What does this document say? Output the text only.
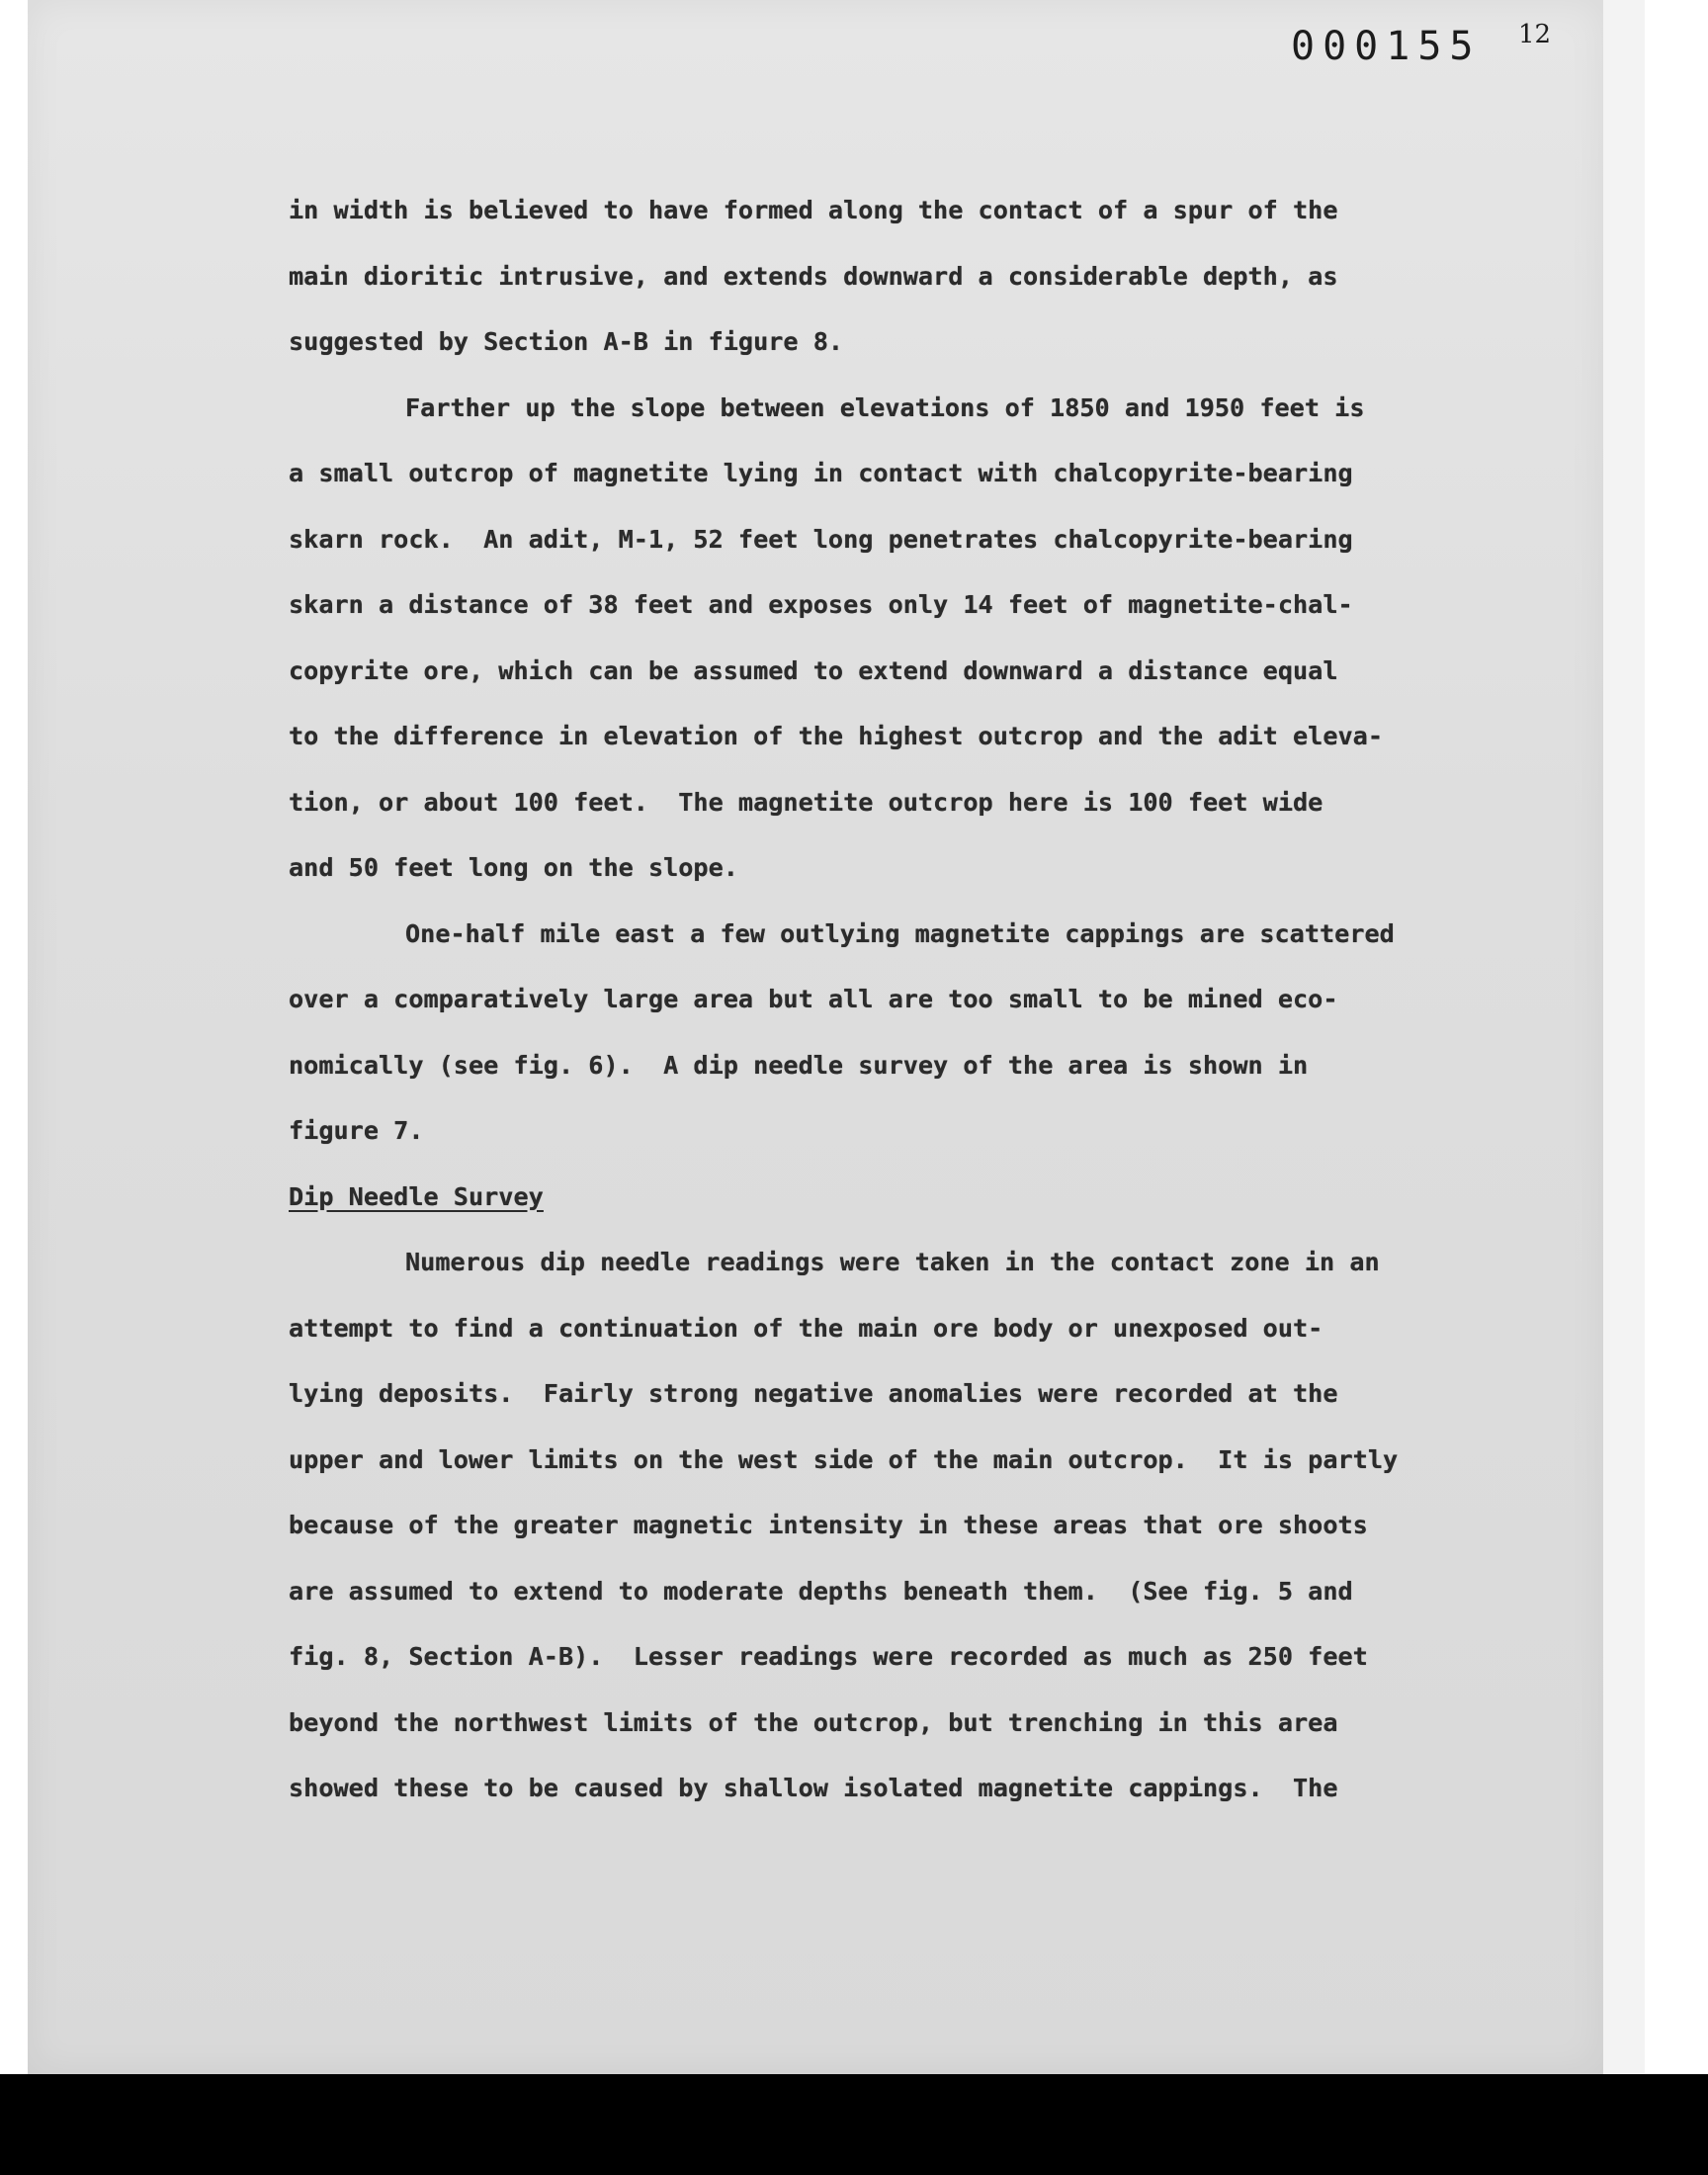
000155 12
in width is believed to have formed along the contact of a spur of the
main dioritic intrusive, and extends downward a considerable depth, as
suggested by Section A-B in figure 8.
Farther up the slope between elevations of 1850 and 1950 feet is
a small outcrop of magnetite lying in contact with chalcopyrite-bearing
skarn rock.  An adit, M-1, 52 feet long penetrates chalcopyrite-bearing
skarn a distance of 38 feet and exposes only 14 feet of magnetite-chal-
copyrite ore, which can be assumed to extend downward a distance equal
to the difference in elevation of the highest outcrop and the adit eleva-
tion, or about 100 feet.  The magnetite outcrop here is 100 feet wide
and 50 feet long on the slope.
One-half mile east a few outlying magnetite cappings are scattered
over a comparatively large area but all are too small to be mined eco-
nomically (see fig. 6).  A dip needle survey of the area is shown in
figure 7.
Dip Needle Survey
Numerous dip needle readings were taken in the contact zone in an
attempt to find a continuation of the main ore body or unexposed out-
lying deposits.  Fairly strong negative anomalies were recorded at the
upper and lower limits on the west side of the main outcrop.  It is partly
because of the greater magnetic intensity in these areas that ore shoots
are assumed to extend to moderate depths beneath them.  (See fig. 5 and
fig. 8, Section A-B).  Lesser readings were recorded as much as 250 feet
beyond the northwest limits of the outcrop, but trenching in this area
showed these to be caused by shallow isolated magnetite cappings.  The
